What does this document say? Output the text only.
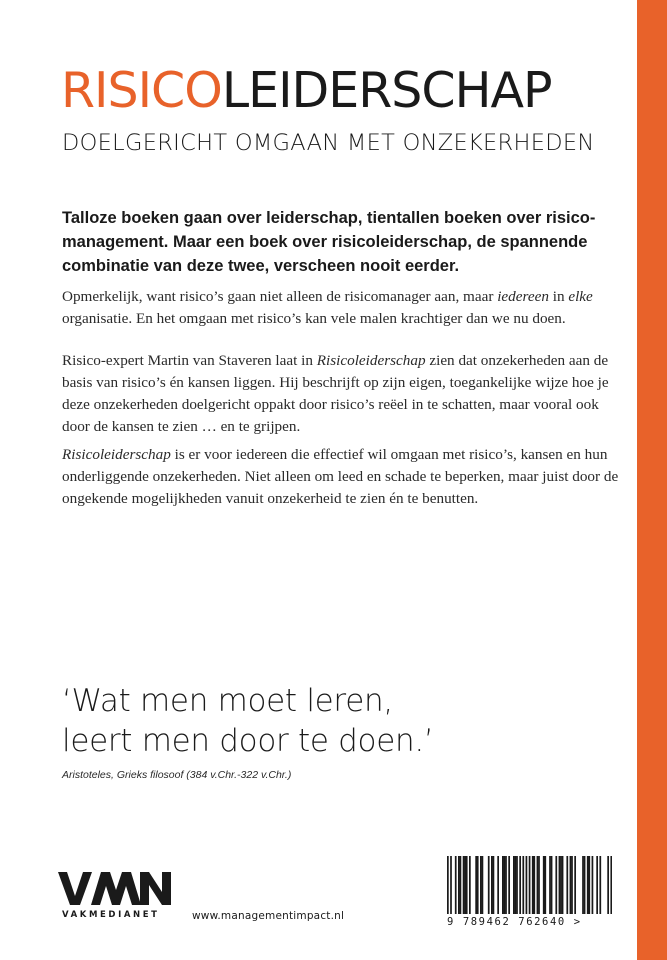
RISICOLEIDERSCHAP
DOELGERICHT OMGAAN MET ONZEKERHEDEN
Talloze boeken gaan over leiderschap, tientallen boeken over risico-management. Maar een boek over risicoleiderschap, de spannende combinatie van deze twee, verscheen nooit eerder.
Opmerkelijk, want risico’s gaan niet alleen de risicomanager aan, maar iedereen in elke organisatie. En het omgaan met risico’s kan vele malen krachtiger dan we nu doen.
Risico-expert Martin van Staveren laat in Risicoleiderschap zien dat onzekerheden aan de basis van risico’s én kansen liggen. Hij beschrijft op zijn eigen, toegankelijke wijze hoe je deze onzekerheden doelgericht oppakt door risico’s reëel in te schatten, maar vooral ook door de kansen te zien … en te grijpen.
Risicoleiderschap is er voor iedereen die effectief wil omgaan met risico’s, kansen en hun onderliggende onzekerheden. Niet alleen om leed en schade te beperken, maar juist door de ongekende mogelijkheden vanuit onzekerheid te zien én te benutten.
‘Wat men moet leren,
leert men door te doen.’
Aristoteles, Grieks filosoof (384 v.Chr.-322 v.Chr.)
VAKMEDIANET	www.managementimpact.nl	9 789462 762640 >
